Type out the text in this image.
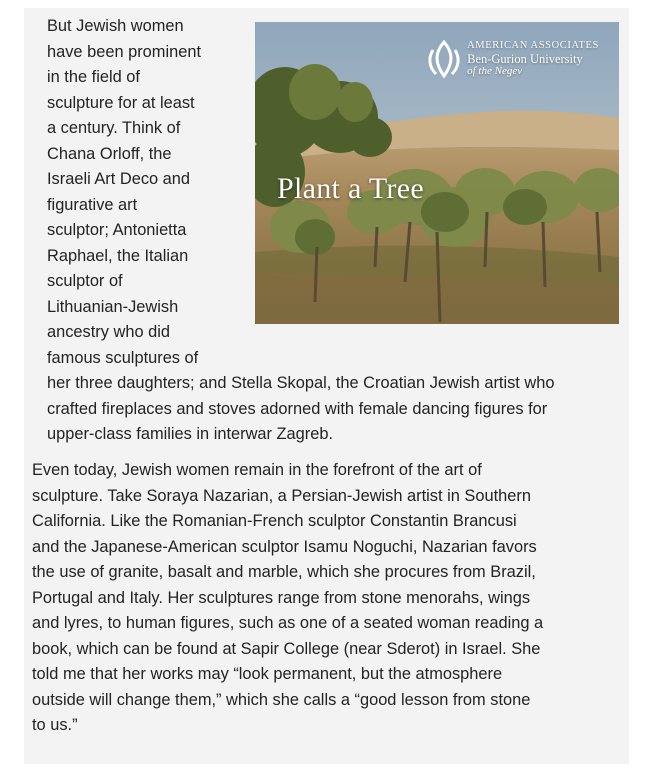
But Jewish women
have been prominent
in the field of
sculpture for at least
a century. Think of
Chana Orloff, the
Israeli Art Deco and
figurative art
sculptor; Antonietta
Raphael, the Italian
sculptor of
Lithuanian-Jewish
ancestry who did
famous sculptures of
her three daughters; and Stella Skopal, the Croatian Jewish artist who
crafted fireplaces and stoves adorned with female dancing figures for
upper-class families in interwar Zagreb.
Even today, Jewish women remain in the forefront of the art of
sculpture. Take Soraya Nazarian, a Persian-Jewish artist in Southern
California. Like the Romanian-French sculptor Constantin Brancusi
and the Japanese-American sculptor Isamu Noguchi, Nazarian favors
the use of granite, basalt and marble, which she procures from Brazil,
Portugal and Italy. Her sculptures range from stone menorahs, wings
and lyres, to human figures, such as one of a seated woman reading a
book, which can be found at Sapir College (near Sderot) in Israel. She
told me that her works may “look permanent, but the atmosphere
outside will change them,” which she calls a “good lesson from stone
to us.”
AMERICAN ASSOCIATES
Ben-Gurion University
of the Negev
Plant a Tree
